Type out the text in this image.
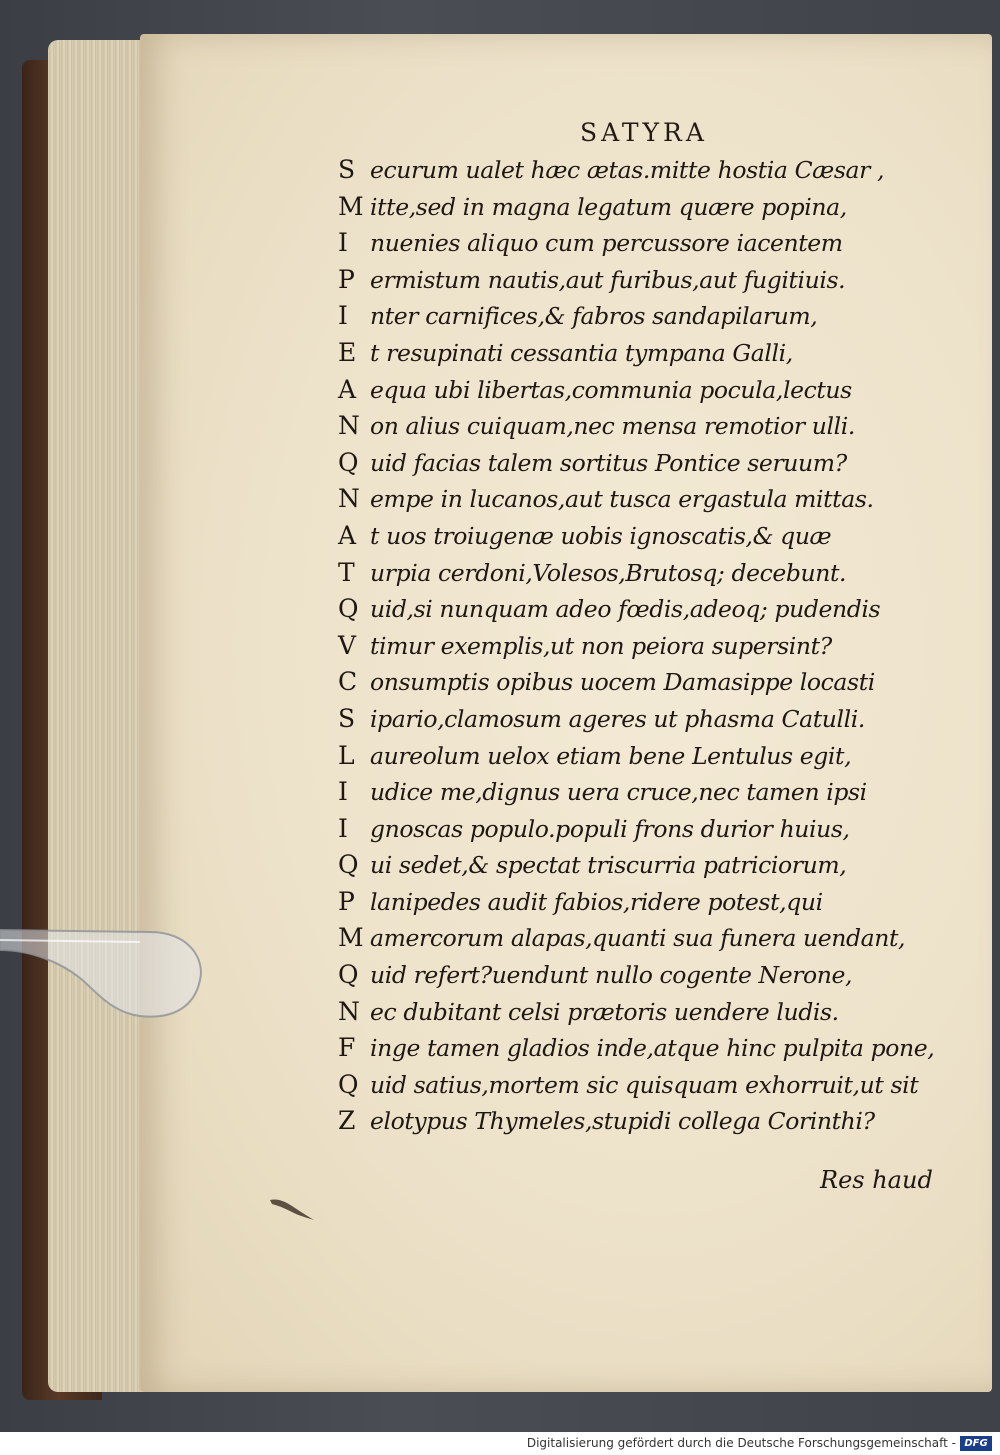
SATYRA
S ecurum ualet hæc ætas.mitte hostia Cæsar ,
M itte,sed in magna legatum quære popina,
I nuenies aliquo cum percussore iacentem
P ermistum nautis,aut furibus,aut fugitiuis.
I nter carnifices,& fabros sandapilarum,
E t resupinati cessantia tympana Galli,
A equa ubi libertas,communia pocula,lectus
N on alius cuiquam,nec mensa remotior ulli.
Q uid facias talem sortitus Pontice seruum?
N empe in lucanos,aut tusca ergastula mittas.
A t uos troiugenæ uobis ignoscatis,& quæ
T urpia cerdoni,Volesos,Brutosq; decebunt.
Q uid,si nunquam adeo fœdis,adeoq; pudendis
V timur exemplis,ut non peiora supersint?
C onsumptis opibus uocem Damasippe locasti
S ipario,clamosum ageres ut phasma Catulli.
L aureolum uelox etiam bene Lentulus egit,
I udice me,dignus uera cruce,nec tamen ipsi
I gnoscas populo.populi frons durior huius,
Q ui sedet,& spectat triscurria patriciorum,
P lanipedes audit fabios,ridere potest,qui
M amercorum alapas,quanti sua funera uendant,
Q uid refert?uendunt nullo cogente Nerone,
N ec dubitant celsi prætoris uendere ludis.
F inge tamen gladios inde,atque hinc pulpita pone,
Q uid satius,mortem sic quisquam exhorruit,ut sit
Z elotypus Thymeles,stupidi collega Corinthi?
Res haud
Digitalisierung gefördert durch die Deutsche Forschungsgemeinschaft - DFG
